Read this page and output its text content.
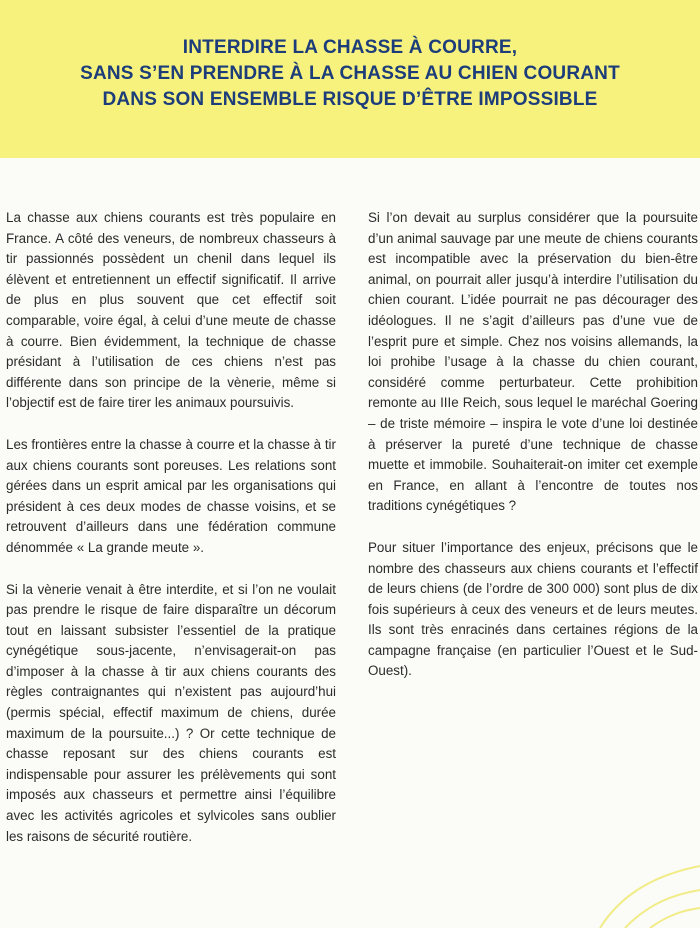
INTERDIRE LA CHASSE À COURRE,
SANS S’EN PRENDRE À LA CHASSE AU CHIEN COURANT
DANS SON ENSEMBLE RISQUE D’ÊTRE IMPOSSIBLE

La chasse aux chiens courants est très populaire en France. A côté des veneurs, de nombreux chasseurs à tir passionnés possèdent un chenil dans lequel ils élèvent et entretiennent un effectif significatif. Il arrive de plus en plus souvent que cet effectif soit comparable, voire égal, à celui d’une meute de chasse à courre. Bien évidemment, la technique de chasse présidant à l’utilisation de ces chiens n’est pas différente dans son principe de la vènerie, même si l’objectif est de faire tirer les animaux poursuivis.

Les frontières entre la chasse à courre et la chasse à tir aux chiens courants sont poreuses. Les relations sont gérées dans un esprit amical par les organisations qui président à ces deux modes de chasse voisins, et se retrouvent d’ailleurs dans une fédération commune dénommée « La grande meute ».

Si la vènerie venait à être interdite, et si l’on ne voulait pas prendre le risque de faire disparaître un décorum tout en laissant subsister l’essentiel de la pratique cynégétique sous-jacente, n’envisagerait-on pas d’imposer à la chasse à tir aux chiens courants des règles contraignantes qui n’existent pas aujourd’hui (permis spécial, effectif maximum de chiens, durée maximum de la poursuite...) ? Or cette technique de chasse reposant sur des chiens courants est indispensable pour assurer les prélèvements qui sont imposés aux chasseurs et permettre ainsi l’équilibre avec les activités agricoles et sylvicoles sans oublier les raisons de sécurité routière.

Si l’on devait au surplus considérer que la poursuite d’un animal sauvage par une meute de chiens courants est incompatible avec la préservation du bien-être animal, on pourrait aller jusqu’à interdire l’utilisation du chien courant. L’idée pourrait ne pas décourager des idéologues. Il ne s’agit d’ailleurs pas d’une vue de l’esprit pure et simple. Chez nos voisins allemands, la loi prohibe l’usage à la chasse du chien courant, considéré comme perturbateur. Cette prohibition remonte au IIIe Reich, sous lequel le maréchal Goering – de triste mémoire – inspira le vote d’une loi destinée à préserver la pureté d’une technique de chasse muette et immobile. Souhaiterait-on imiter cet exemple en France, en allant à l’encontre de toutes nos traditions cynégétiques ?

Pour situer l’importance des enjeux, précisons que le nombre des chasseurs aux chiens courants et l’effectif de leurs chiens (de l’ordre de 300 000) sont plus de dix fois supérieurs à ceux des veneurs et de leurs meutes. Ils sont très enracinés dans certaines régions de la campagne française (en particulier l’Ouest et le Sud-Ouest).
